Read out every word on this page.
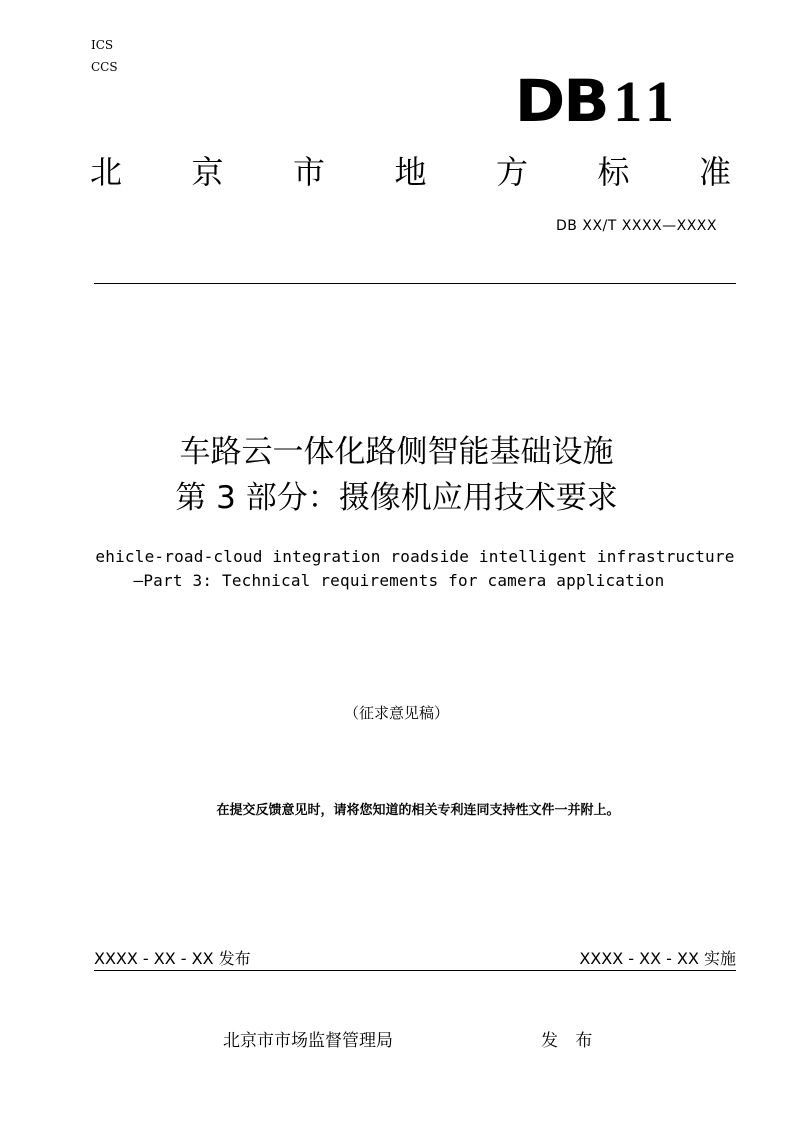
ICS
CCS	DB 11
北 京 市 地 方 标 准
DB XX/T XXXX—XXXX
车路云一体化路侧智能基础设施
第 3 部分：摄像机应用技术要求
ehicle-road-cloud integration roadside intelligent infrastructure
—Part 3: Technical requirements for camera application
（征求意见稿）
在提交反馈意见时，请将您知道的相关专利连同支持性文件一并附上。
XXXX - XX - XX 发布	XXXX - XX - XX 实施
北京市市场监督管理局	发 布
